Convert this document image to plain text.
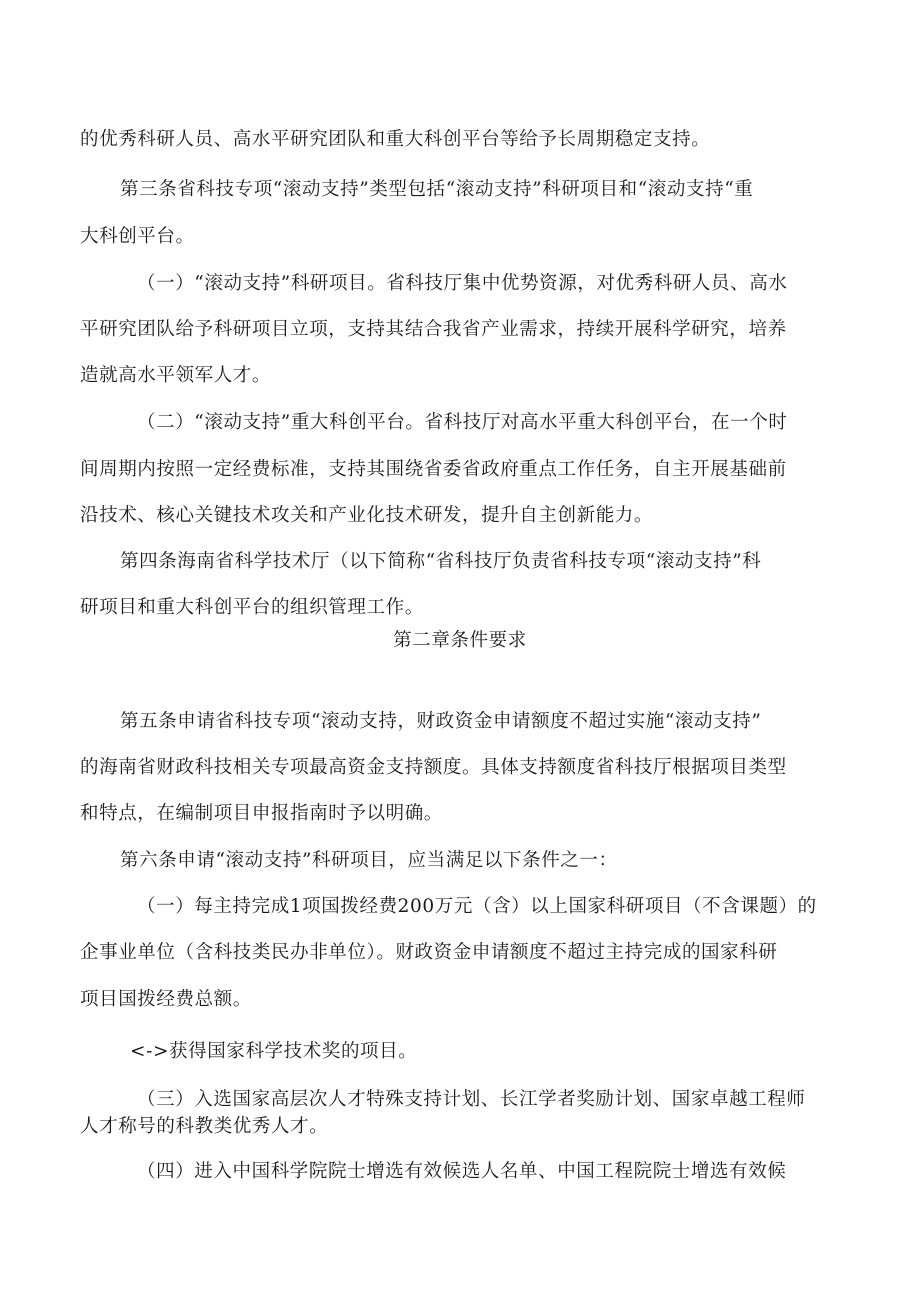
的优秀科研人员、高水平研究团队和重大科创平台等给予长周期稳定支持。
第三条省科技专项“滚动支持”类型包括“滚动支持”科研项目和“滚动支持“重
大科创平台。
（一）“滚动支持”科研项目。省科技厅集中优势资源，对优秀科研人员、高水
平研究团队给予科研项目立项，支持其结合我省产业需求，持续开展科学研究，培养
造就高水平领军人才。
（二）“滚动支持”重大科创平台。省科技厅对高水平重大科创平台，在一个时
间周期内按照一定经费标准，支持其围绕省委省政府重点工作任务，自主开展基础前
沿技术、核心关键技术攻关和产业化技术研发，提升自主创新能力。
第四条海南省科学技术厅（以下简称“省科技厅负责省科技专项“滚动支持”科
研项目和重大科创平台的组织管理工作。
第二章条件要求
第五条申请省科技专项“滚动支持，财政资金申请额度不超过实施“滚动支持”
的海南省财政科技相关专项最高资金支持额度。具体支持额度省科技厅根据项目类型
和特点，在编制项目申报指南时予以明确。
第六条申请“滚动支持”科研项目，应当满足以下条件之一：
（一）每主持完成1项国拨经费200万元（含）以上国家科研项目（不含课题）的
企事业单位（含科技类民办非单位）。财政资金申请额度不超过主持完成的国家科研
项目国拨经费总额。
<->获得国家科学技术奖的项目。
（三）入选国家高层次人才特殊支持计划、长江学者奖励计划、国家卓越工程师
人才称号的科教类优秀人才。
（四）进入中国科学院院士增选有效候选人名单、中国工程院院士增选有效候
